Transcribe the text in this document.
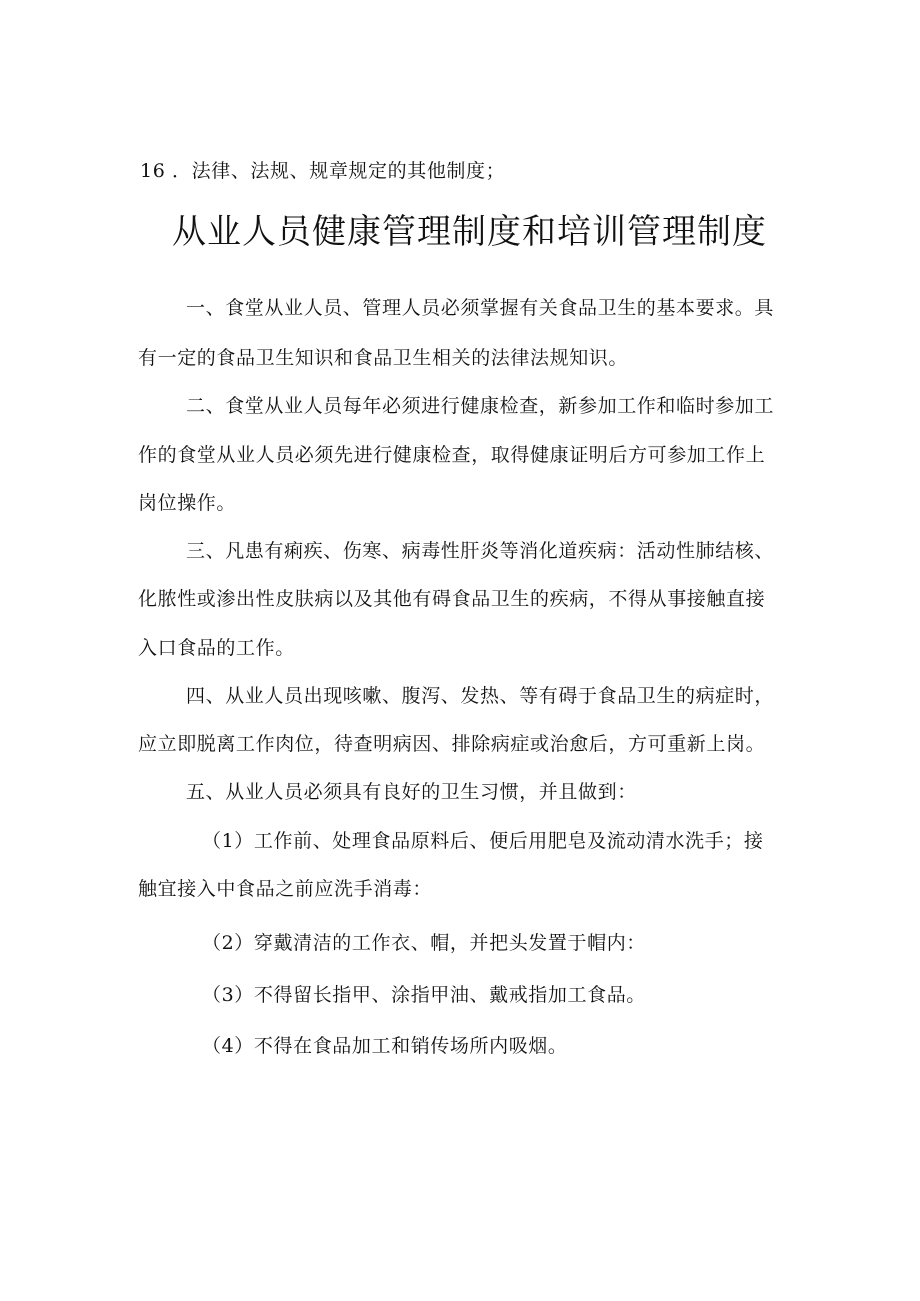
16 ．法律、法规、规章规定的其他制度；
从业人员健康管理制度和培训管理制度
一、食堂从业人员、管理人员必须掌握有关食品卫生的基本要求。具
有一定的食品卫生知识和食品卫生相关的法律法规知识。
二、食堂从业人员每年必须进行健康检查，新参加工作和临时参加工
作的食堂从业人员必须先进行健康检查，取得健康证明后方可参加工作上
岗位操作。
三、凡患有痢疾、伤寒、病毒性肝炎等消化道疾病：活动性肺结核、
化脓性或渗出性皮肤病以及其他有碍食品卫生的疾病，不得从事接触直接
入口食品的工作。
四、从业人员出现咳嗽、腹泻、发热、等有碍于食品卫生的病症时，
应立即脱离工作肉位，待查明病因、排除病症或治愈后，方可重新上岗。
五、从业人员必须具有良好的卫生习惯，并且做到：
（1）工作前、处理食品原料后、便后用肥皂及流动清水洗手；接
触宜接入中食品之前应洗手消毒：
（2）穿戴清洁的工作衣、帽，并把头发置于帽内：
（3）不得留长指甲、涂指甲油、戴戒指加工食品。
（4）不得在食品加工和销传场所内吸烟。
